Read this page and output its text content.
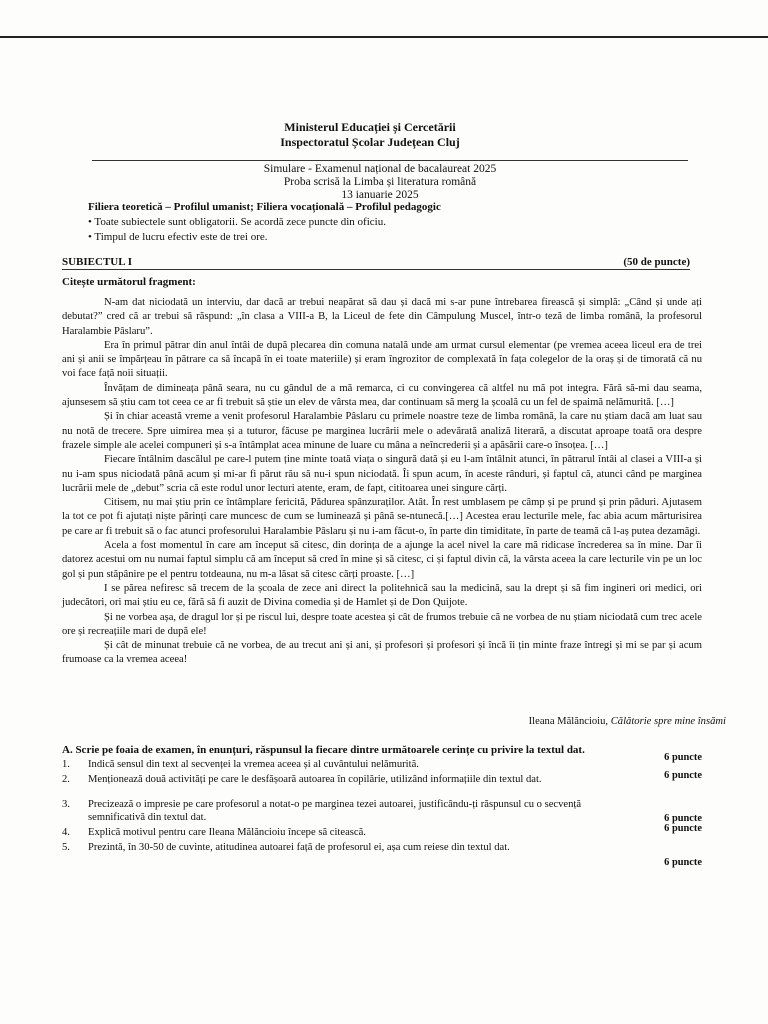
Ministerul Educației și Cercetării
Inspectoratul Școlar Județean Cluj
Simulare - Examenul național de bacalaureat 2025
Proba scrisă la Limba și literatura română
13 ianuarie 2025
Filiera teoretică – Profilul umanist; Filiera vocațională – Profilul pedagogic
• Toate subiectele sunt obligatorii. Se acordă zece puncte din oficiu.
• Timpul de lucru efectiv este de trei ore.
SUBIECTUL I	(50 de puncte)
Citește următorul fragment:

N-am dat niciodată un interviu, dar dacă ar trebui neapărat să dau și dacă mi s-ar pune întrebarea firească și simplă: „Când și unde ați debutat?” cred că ar trebui să răspund: „în clasa a VIII-a B, la Liceul de fete din Câmpulung Muscel, într-o teză de limba română, la profesorul Haralambie Pâslaru”.

Era în primul pătrar din anul întâi de după plecarea din comuna natală unde am urmat cursul elementar (pe vremea aceea liceul era de trei ani și anii se împărțeau în pătrare ca să încapă în ei toate materiile) și eram îngrozitor de complexată în fața colegelor de la oraș și de timorată că nu voi face față noii situații.

Învățam de dimineața până seara, nu cu gândul de a mă remarca, ci cu convingerea că altfel nu mă pot integra. Fără să-mi dau seama, ajunsesem să știu cam tot ceea ce ar fi trebuit să știe un elev de vârsta mea, dar continuam să merg la școală cu un fel de spaimă nelămurită. […]

Și în chiar această vreme a venit profesorul Haralambie Pâslaru cu primele noastre teze de limba română, la care nu știam dacă am luat sau nu notă de trecere. Spre uimirea mea și a tuturor, făcuse pe marginea lucrării mele o adevărată analiză literară, a discutat aproape toată ora despre frazele simple ale acelei compuneri și s-a întâmplat acea minune de luare cu mâna a neîncrederii și a apăsării care-o însoțea. […]

Fiecare întâlnim dascălul pe care-l putem ține minte toată viața o singură dată și eu l-am întâlnit atunci, în pătrarul întâi al clasei a VIII-a și nu i-am spus niciodată până acum și mi-ar fi părut rău să nu-i spun niciodată. Îi spun acum, în aceste rânduri, și faptul că, atunci când pe marginea lucrării mele de „debut” scria că este rodul unor lecturi atente, eram, de fapt, cititoarea unei singure cărți.

Citisem, nu mai știu prin ce întâmplare fericită, Pădurea spânzuraților. Atât. În rest umblasem pe câmp și pe prund și prin păduri. Ajutasem la tot ce pot fi ajutați niște părinți care muncesc de cum se luminează și până se-ntunecă.[…] Acestea erau lecturile mele, fac abia acum mărturisirea pe care ar fi trebuit să o fac atunci profesorului Haralambie Pâslaru și nu i-am făcut-o, în parte din timiditate, în parte de teamă că l-aș putea dezamăgi.

Acela a fost momentul în care am început să citesc, din dorința de a ajunge la acel nivel la care mă ridicase încrederea sa în mine. Dar îi datorez acestui om nu numai faptul simplu că am început să cred în mine și să citesc, ci și faptul divin că, la vârsta aceea la care lecturile vin pe un loc gol și pun stăpânire pe el pentru totdeauna, nu m-a lăsat să citesc cărți proaste. […]

I se părea nefiresc să trecem de la școala de zece ani direct la politehnică sau la medicină, sau la drept și să fim ingineri ori medici, ori judecători, ori mai știu eu ce, fără să fi auzit de Divina comedia și de Hamlet și de Don Quijote.

Și ne vorbea așa, de dragul lor și pe riscul lui, despre toate acestea și cât de frumos trebuie că ne vorbea de nu știam niciodată cum trec acele ore și recreațiile mari de după ele!

Și cât de minunat trebuie că ne vorbea, de au trecut ani și ani, și profesori și profesori și încă îi țin minte fraze întregi și mi se par și acum frumoase ca la vremea aceea!

Ileana Mălăncioiu, Călătorie spre mine însămi
A. Scrie pe foaia de examen, în enunțuri, răspunsul la fiecare dintre următoarele cerințe cu privire la textul dat.
1. Indică sensul din text al secvenței la vremea aceea și al cuvântului nelămurită.
6 puncte
2. Menționează două activități pe care le desfășoară autoarea în copilărie, utilizând informațiile din textul dat.	6 puncte
3. Precizează o impresie pe care profesorul a notat-o pe marginea tezei autoarei, justificându-ți răspunsul cu o secvență semnificativă din textul dat.	6 puncte
4. Explică motivul pentru care Ileana Mălăncioiu începe să citească.	6 puncte
5. Prezintă, în 30-50 de cuvinte, atitudinea autoarei față de profesorul ei, așa cum reiese din textul dat.
6 puncte
